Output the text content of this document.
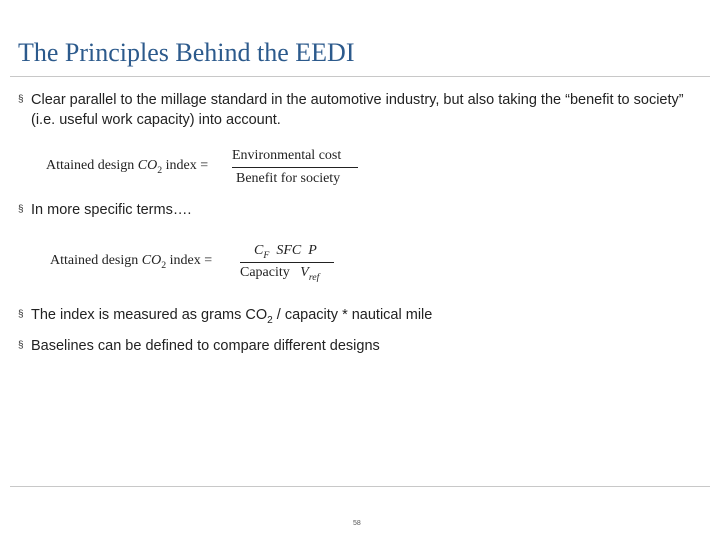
The Principles Behind the EEDI
§ Clear parallel to the millage standard in the automotive industry, but also taking the “benefit to society” (i.e. useful work capacity) into account.
Attained design $CO_2$ index =
Environmental cost
Benefit for society
§ In more specific terms….
Attained design $CO_2$ index =
$C_F$ SFC P
Capacity $V_{ref}$
§ The index is measured as grams $CO_2$ / capacity * nautical mile
§ Baselines can be defined to compare different designs
58
